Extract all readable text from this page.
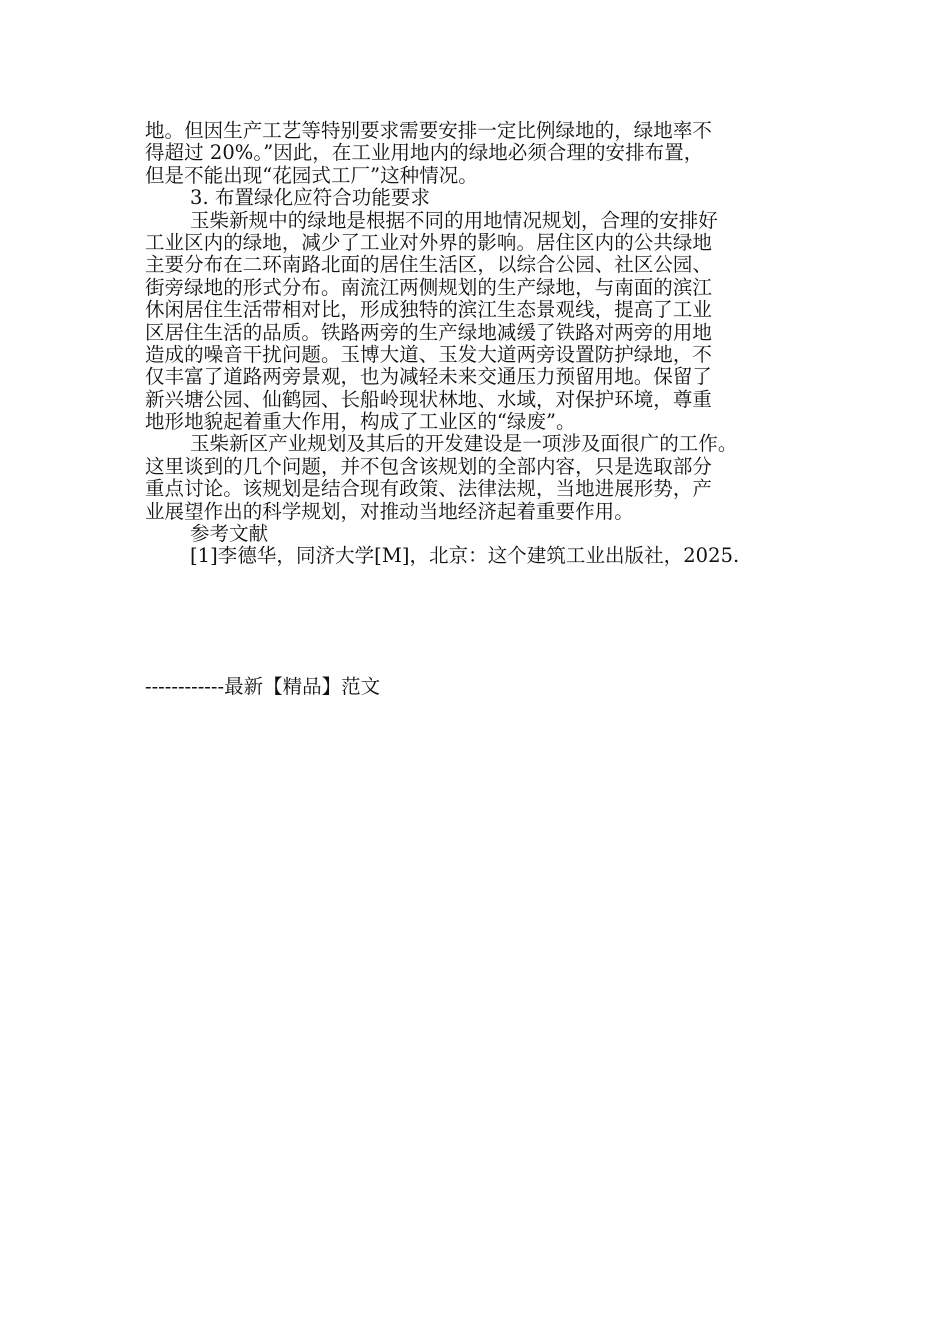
地。但因生产工艺等特别要求需要安排一定比例绿地的，绿地率不
得超过 20%。”因此，在工业用地内的绿地必须合理的安排布置，
但是不能出现“花园式工厂”这种情况。
3. 布置绿化应符合功能要求
玉柴新规中的绿地是根据不同的用地情况规划，合理的安排好
工业区内的绿地，减少了工业对外界的影响。居住区内的公共绿地
主要分布在二环南路北面的居住生活区，以综合公园、社区公园、
街旁绿地的形式分布。南流江两侧规划的生产绿地，与南面的滨江
休闲居住生活带相对比，形成独特的滨江生态景观线，提高了工业
区居住生活的品质。铁路两旁的生产绿地减缓了铁路对两旁的用地
造成的噪音干扰问题。玉博大道、玉发大道两旁设置防护绿地，不
仅丰富了道路两旁景观，也为减轻未来交通压力预留用地。保留了
新兴塘公园、仙鹤园、长船岭现状林地、水域，对保护环境，尊重
地形地貌起着重大作用，构成了工业区的“绿废”。
玉柴新区产业规划及其后的开发建设是一项涉及面很广的工作。
这里谈到的几个问题，并不包含该规划的全部内容，只是选取部分
重点讨论。该规划是结合现有政策、法律法规，当地进展形势，产
业展望作出的科学规划，对推动当地经济起着重要作用。
参考文献
[1]李德华，同济大学[M]，北京：这个建筑工业出版社，2025.
------------最新【精品】范文
